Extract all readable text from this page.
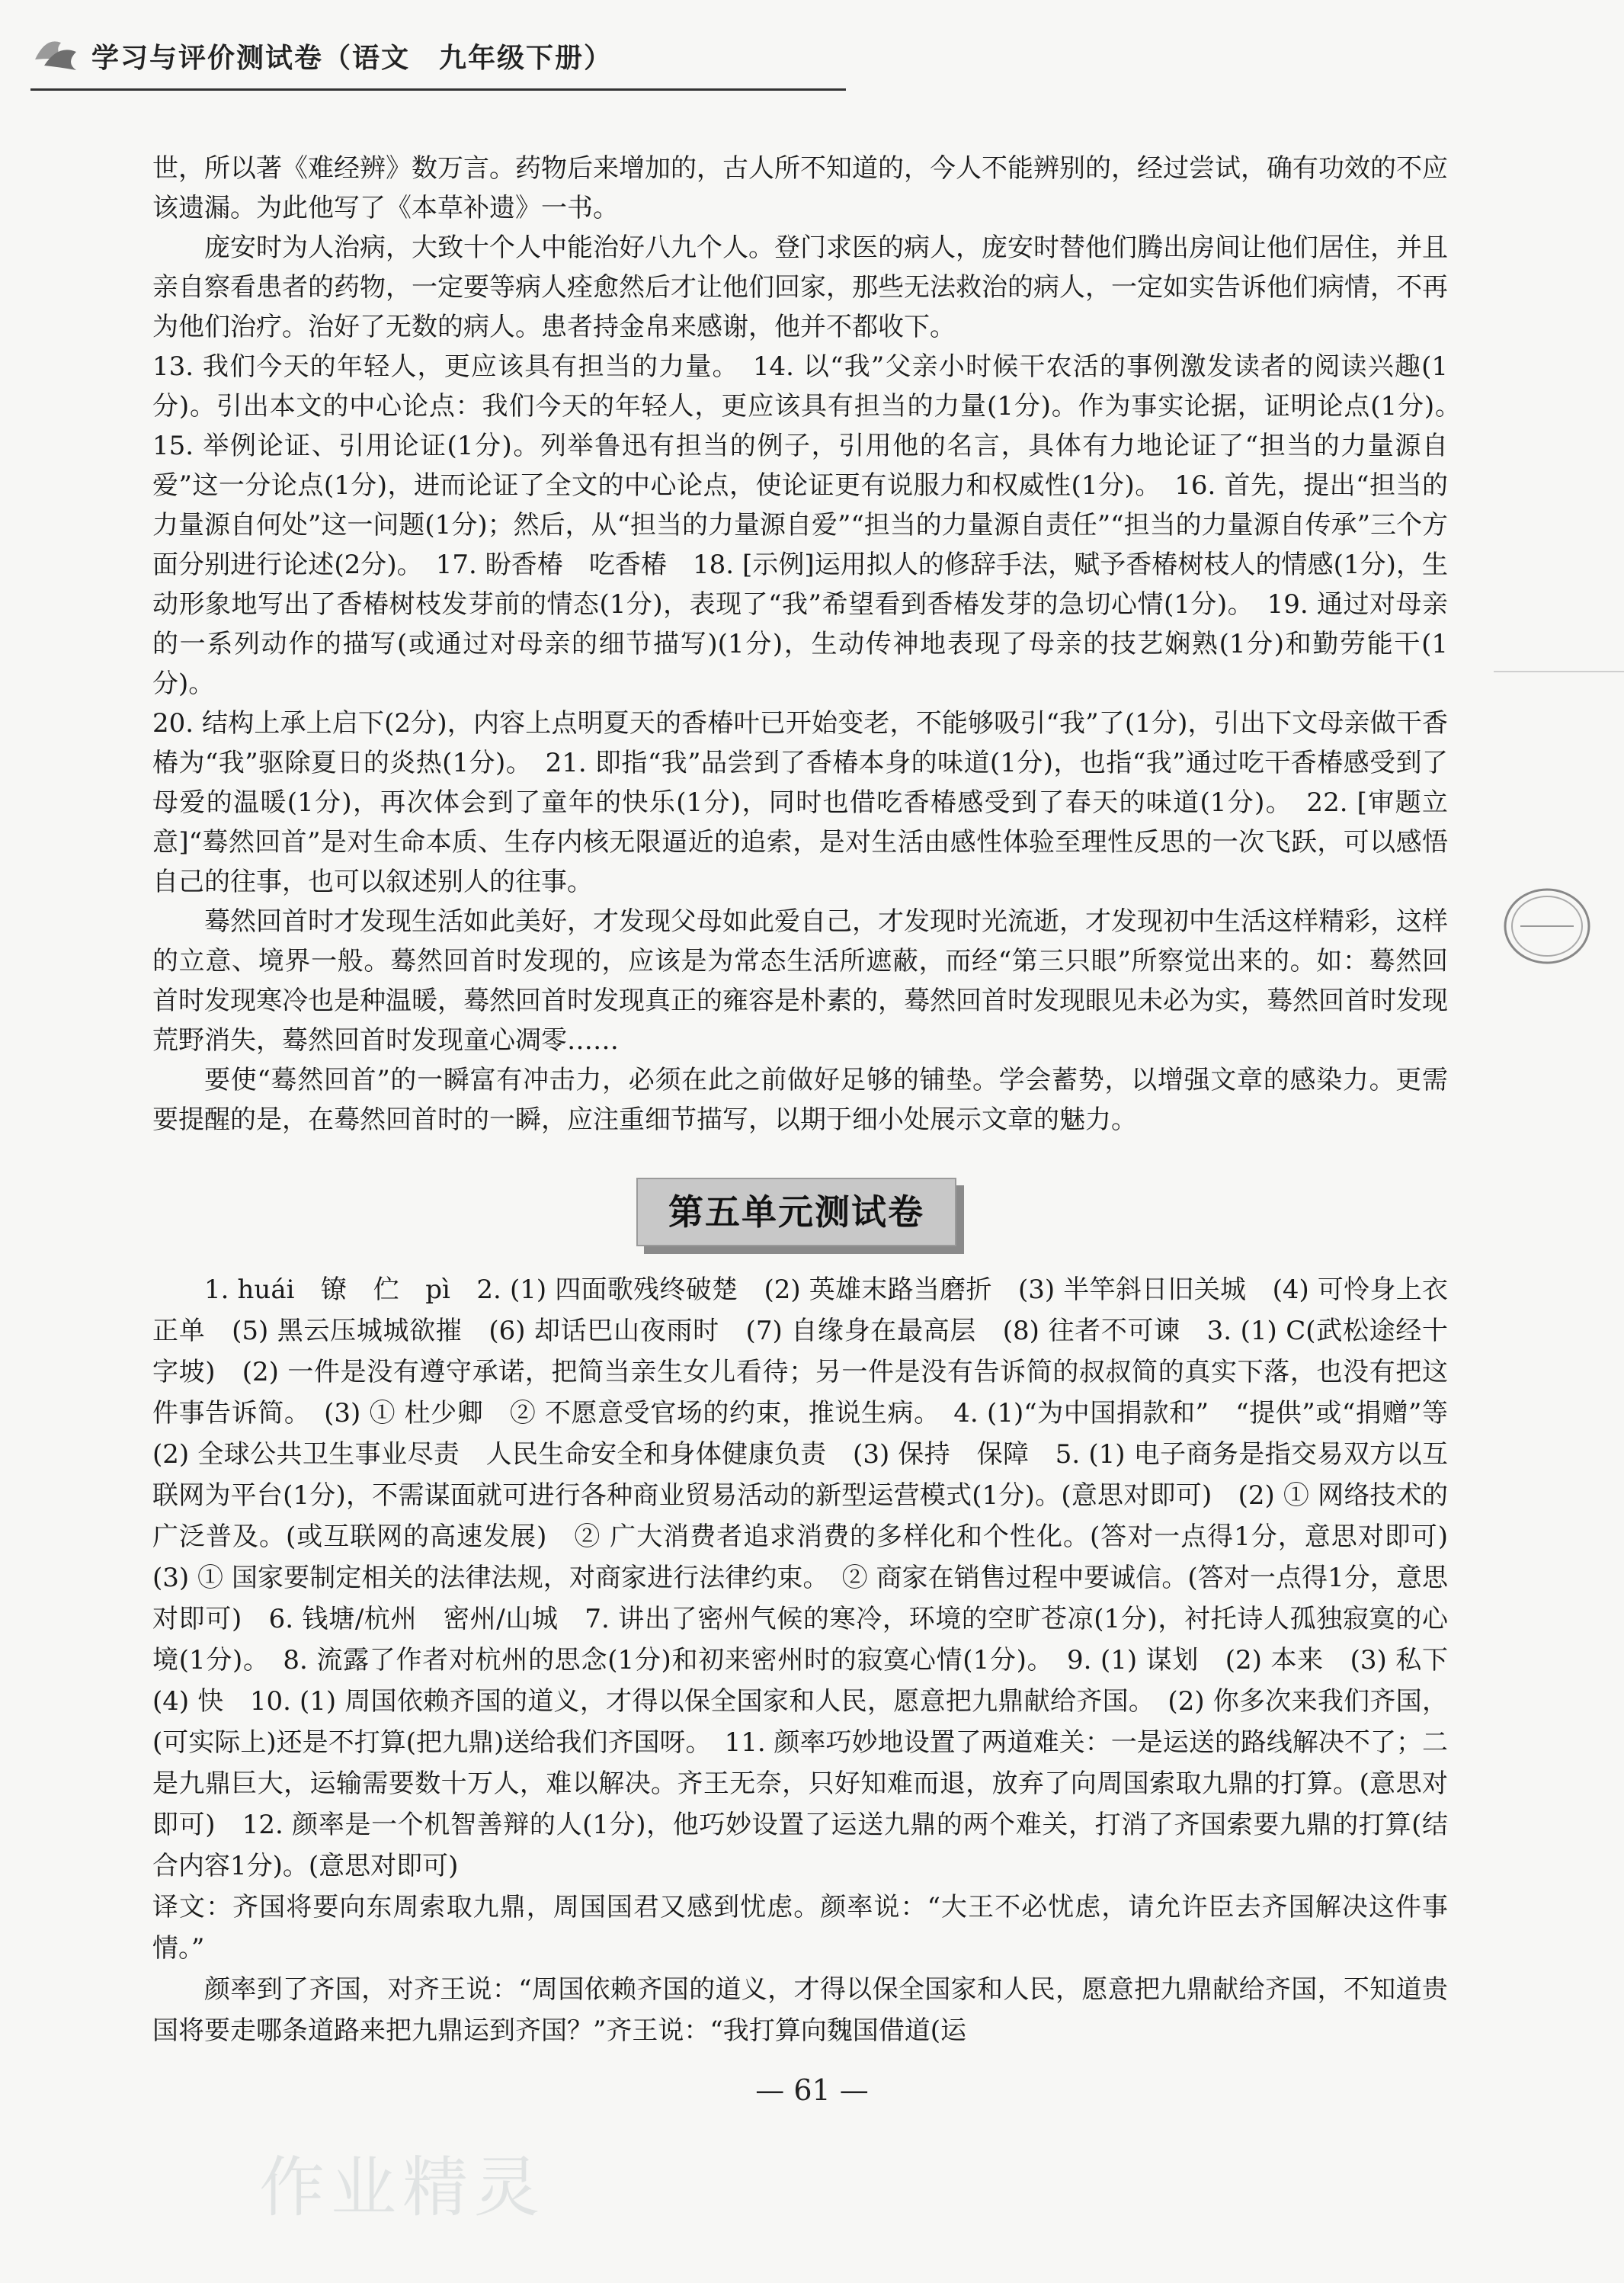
学习与评价测试卷（语文　九年级下册）

世，所以著《难经辨》数万言。药物后来增加的，古人所不知道的，今人不能辨别的，经过尝试，确有功效的不应该遗漏。为此他写了《本草补遗》一书。

庞安时为人治病，大致十个人中能治好八九个人。登门求医的病人，庞安时替他们腾出房间让他们居住，并且亲自察看患者的药物，一定要等病人痊愈然后才让他们回家，那些无法救治的病人，一定如实告诉他们病情，不再为他们治疗。治好了无数的病人。患者持金帛来感谢，他并不都收下。

13. 我们今天的年轻人，更应该具有担当的力量。　14. 以“我”父亲小时候干农活的事例激发读者的阅读兴趣(1分)。引出本文的中心论点：我们今天的年轻人，更应该具有担当的力量(1分)。作为事实论据，证明论点(1分)。　15. 举例论证、引用论证(1分)。列举鲁迅有担当的例子，引用他的名言，具体有力地论证了“担当的力量源自爱”这一分论点(1分)，进而论证了全文的中心论点，使论证更有说服力和权威性(1分)。　16. 首先，提出“担当的力量源自何处”这一问题(1分)；然后，从“担当的力量源自爱”“担当的力量源自责任”“担当的力量源自传承”三个方面分别进行论述(2分)。　17. 盼香椿　吃香椿　18. [示例]运用拟人的修辞手法，赋予香椿树枝人的情感(1分)，生动形象地写出了香椿树枝发芽前的情态(1分)，表现了“我”希望看到香椿发芽的急切心情(1分)。　19. 通过对母亲的一系列动作的描写(或通过对母亲的细节描写)(1分)，生动传神地表现了母亲的技艺娴熟(1分)和勤劳能干(1分)。

20. 结构上承上启下(2分)，内容上点明夏天的香椿叶已开始变老，不能够吸引“我”了(1分)，引出下文母亲做干香椿为“我”驱除夏日的炎热(1分)。　21. 即指“我”品尝到了香椿本身的味道(1分)，也指“我”通过吃干香椿感受到了母爱的温暖(1分)，再次体会到了童年的快乐(1分)，同时也借吃香椿感受到了春天的味道(1分)。　22. [审题立意]“蓦然回首”是对生命本质、生存内核无限逼近的追索，是对生活由感性体验至理性反思的一次飞跃，可以感悟自己的往事，也可以叙述别人的往事。

蓦然回首时才发现生活如此美好，才发现父母如此爱自己，才发现时光流逝，才发现初中生活这样精彩，这样的立意、境界一般。蓦然回首时发现的，应该是为常态生活所遮蔽，而经“第三只眼”所察觉出来的。如：蓦然回首时发现寒冷也是种温暖，蓦然回首时发现真正的雍容是朴素的，蓦然回首时发现眼见未必为实，蓦然回首时发现荒野消失，蓦然回首时发现童心凋零……

要使“蓦然回首”的一瞬富有冲击力，必须在此之前做好足够的铺垫。学会蓄势，以增强文章的感染力。更需要提醒的是，在蓦然回首时的一瞬，应注重细节描写，以期于细小处展示文章的魅力。

第五单元测试卷

1. huái　镣　伫　pì　2. (1) 四面歌残终破楚　(2) 英雄末路当磨折　(3) 半竿斜日旧关城　(4) 可怜身上衣正单　(5) 黑云压城城欲摧　(6) 却话巴山夜雨时　(7) 自缘身在最高层　(8) 往者不可谏　3. (1) C(武松途经十字坡)　(2) 一件是没有遵守承诺，把简当亲生女儿看待；另一件是没有告诉简的叔叔简的真实下落，也没有把这件事告诉简。　(3) ① 杜少卿　② 不愿意受官场的约束，推说生病。　4. (1)“为中国捐款和”　“提供”或“捐赠”等　(2) 全球公共卫生事业尽责　人民生命安全和身体健康负责　(3) 保持　保障　5. (1) 电子商务是指交易双方以互联网为平台(1分)，不需谋面就可进行各种商业贸易活动的新型运营模式(1分)。(意思对即可)　(2) ① 网络技术的广泛普及。(或互联网的高速发展)　② 广大消费者追求消费的多样化和个性化。(答对一点得1分，意思对即可)　(3) ① 国家要制定相关的法律法规，对商家进行法律约束。　② 商家在销售过程中要诚信。(答对一点得1分，意思对即可)　6. 钱塘/杭州　密州/山城　7. 讲出了密州气候的寒冷，环境的空旷苍凉(1分)，衬托诗人孤独寂寞的心境(1分)。　8. 流露了作者对杭州的思念(1分)和初来密州时的寂寞心情(1分)。　9. (1) 谋划　(2) 本来　(3) 私下　(4) 快　10. (1) 周国依赖齐国的道义，才得以保全国家和人民，愿意把九鼎献给齐国。　(2) 你多次来我们齐国，(可实际上)还是不打算(把九鼎)送给我们齐国呀。　11. 颜率巧妙地设置了两道难关：一是运送的路线解决不了；二是九鼎巨大，运输需要数十万人，难以解决。齐王无奈，只好知难而退，放弃了向周国索取九鼎的打算。(意思对即可)　12. 颜率是一个机智善辩的人(1分)，他巧妙设置了运送九鼎的两个难关，打消了齐国索要九鼎的打算(结合内容1分)。(意思对即可)

译文：齐国将要向东周索取九鼎，周国国君又感到忧虑。颜率说：“大王不必忧虑，请允许臣去齐国解决这件事情。”

颜率到了齐国，对齐王说：“周国依赖齐国的道义，才得以保全国家和人民，愿意把九鼎献给齐国，不知道贵国将要走哪条道路来把九鼎运到齐国？”齐王说：“我打算向魏国借道(运

— 61 —
作业精灵
